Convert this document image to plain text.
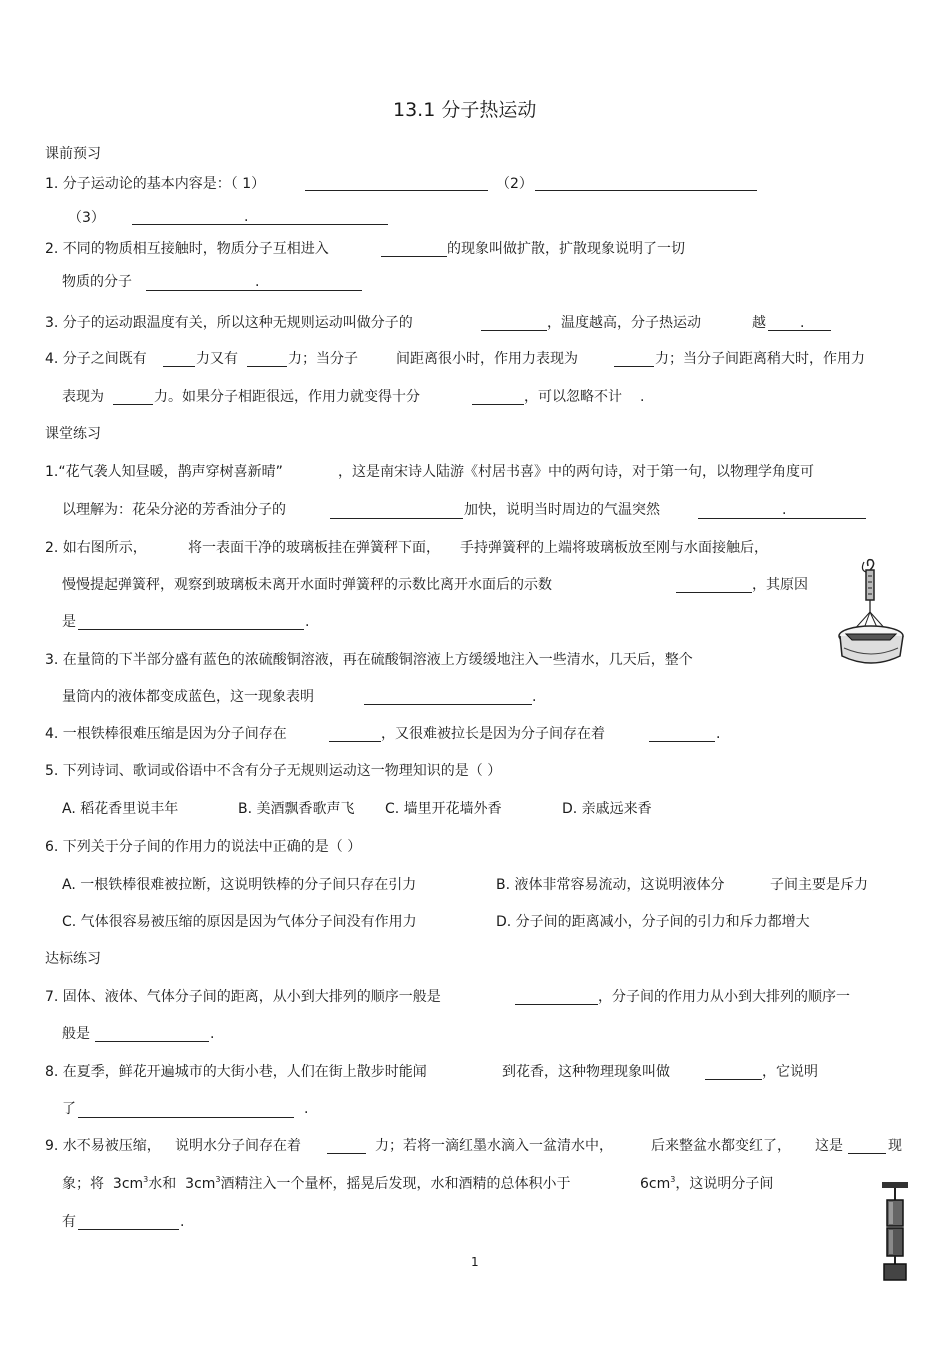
13.1 分子热运动
课前预习
1. 分子运动论的基本内容是：（ 1）	（2）
（3）	.
2. 不同的物质相互接触时，物质分子互相进入	的现象叫做扩散，扩散现象说明了一切
物质的分子	.
3. 分子的运动跟温度有关，所以这种无规则运动叫做分子的	，温度越高，分子热运动	越 .
4. 分子之间既有	力又有	力；当分子	间距离很小时，作用力表现为	力；当分子间距离稍大时，作用力
表现为	力。如果分子相距很远，作用力就变得十分	，可以忽略不计 .
课堂练习
1.“花气袭人知昼暖，鹊声穿树喜新晴”	，这是南宋诗人陆游《村居书喜》中的两句诗，对于第一句，以物理学角度可
以理解为：花朵分泌的芳香油分子的	加快，说明当时周边的气温突然	.
2. 如右图所示，	将一表面干净的玻璃板挂在弹簧秤下面， 手持弹簧秤的上端将玻璃板放至刚与水面接触后，
慢慢提起弹簧秤，观察到玻璃板未离开水面时弹簧秤的示数比离开水面后的示数	，其原因
是	.
3. 在量筒的下半部分盛有蓝色的浓硫酸铜溶液，再在硫酸铜溶液上方缓缓地注入一些清水，几天后，整个
量筒内的液体都变成蓝色，这一现象表明	.
4. 一根铁棒很难压缩是因为分子间存在	，又很难被拉长是因为分子间存在着	.
5. 下列诗词、歌词或俗语中不含有分子无规则运动这一物理知识的是（ ）
A. 稻花香里说丰年	B. 美酒飘香歌声飞 C. 墙里开花墙外香	D. 亲戚远来香
6. 下列关于分子间的作用力的说法中正确的是（ ）
A. 一根铁棒很难被拉断，这说明铁棒的分子间只存在引力	B. 液体非常容易流动，这说明液体分	子间主要是斥力
C. 气体很容易被压缩的原因是因为气体分子间没有作用力	D. 分子间的距离减小，分子间的引力和斥力都增大
达标练习
7. 固体、液体、气体分子间的距离，从小到大排列的顺序一般是	，分子间的作用力从小到大排列的顺序一
般是	.
8. 在夏季，鲜花开遍城市的大街小巷，人们在街上散步时能闻	到花香，这种物理现象叫做	，它说明
了	.
9. 水不易被压缩， 说明水分子间存在着	力；若将一滴红墨水滴入一盆清水中，	后来整盆水都变红了， 这是	现
象；将 $3cm^3$水和 $3cm^3$酒精注入一个量杯，摇晃后发现，水和酒精的总体积小于	$6cm^3$，这说明分子间
有	.
1
